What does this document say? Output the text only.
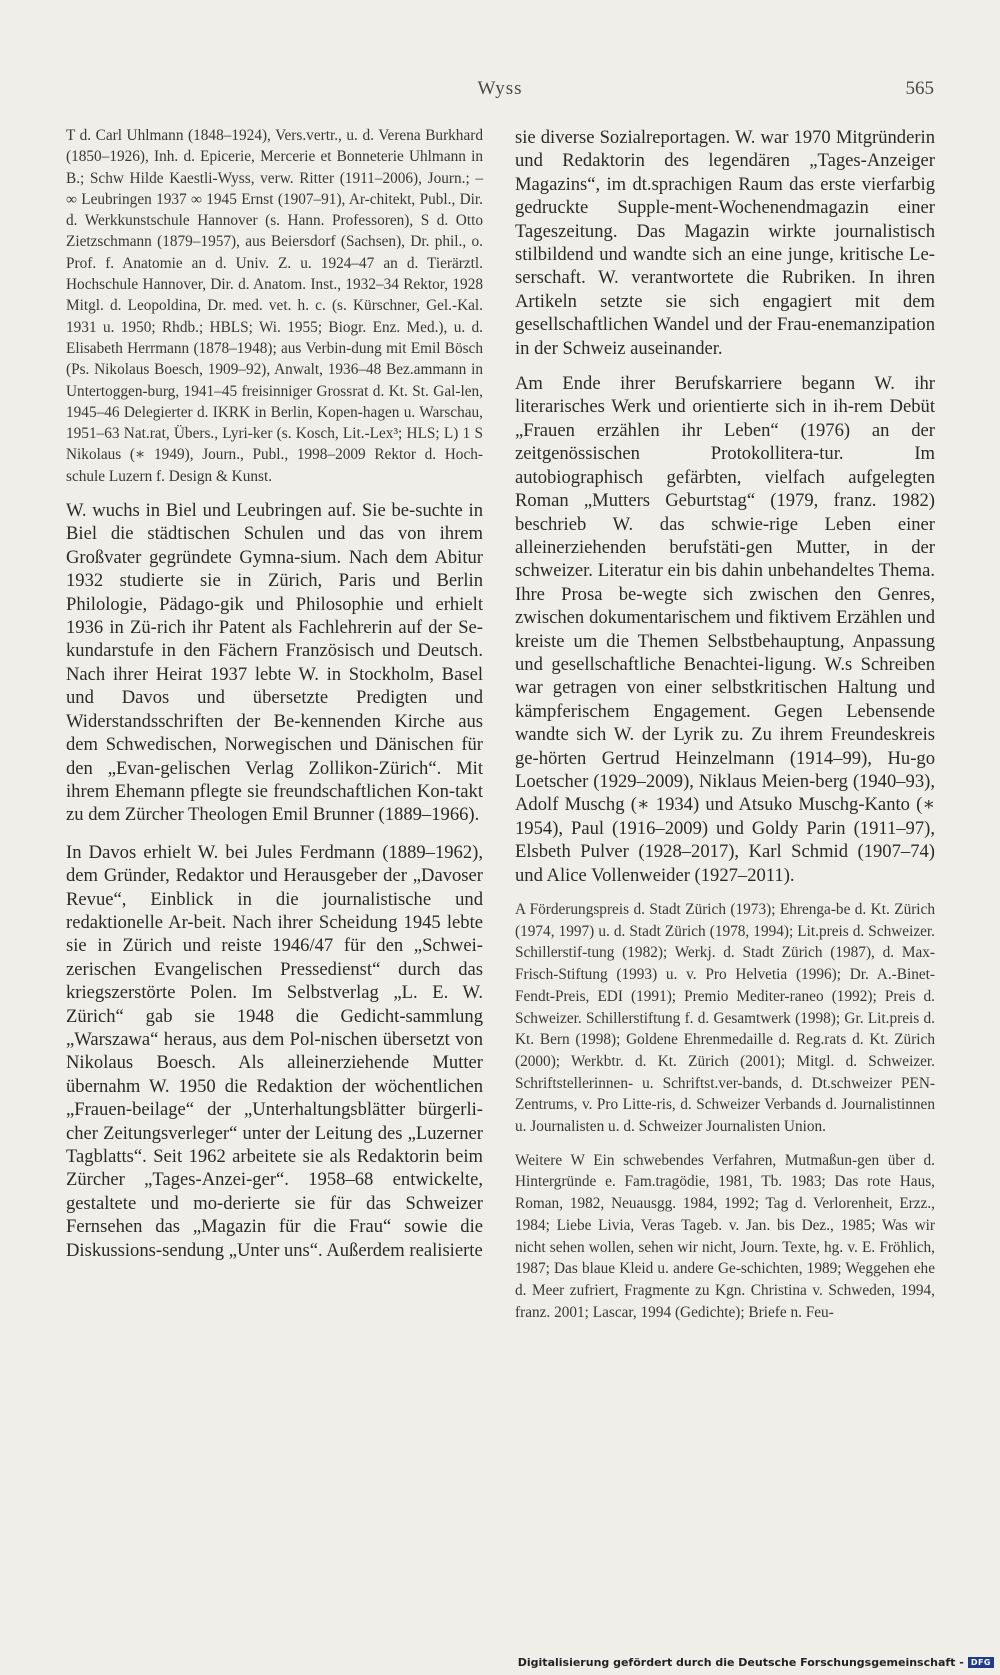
Wyss	565

T d. Carl Uhlmann (1848–1924), Vers.vertr., u. d. Verena Burkhard (1850–1926), Inh. d. Epicerie, Mercerie et Bonneterie Uhlmann in B.; Schw Hilde Kaestli-Wyss, verw. Ritter (1911–2006), Journ.; – ∞ Leubringen 1937 ∞ 1945 Ernst (1907–91), Ar-chitekt, Publ., Dir. d. Werkkunstschule Hannover (s. Hann. Professoren), S d. Otto Zietzschmann (1879–1957), aus Beiersdorf (Sachsen), Dr. phil., o. Prof. f. Anatomie an d. Univ. Z. u. 1924–47 an d. Tierärztl. Hochschule Hannover, Dir. d. Anatom. Inst., 1932–34 Rektor, 1928 Mitgl. d. Leopoldina, Dr. med. vet. h. c. (s. Kürschner, Gel.-Kal. 1931 u. 1950; Rhdb.; HBLS; Wi. 1955; Biogr. Enz. Med.), u. d. Elisabeth Herrmann (1878–1948); aus Verbin-dung mit Emil Bösch (Ps. Nikolaus Boesch, 1909–92), Anwalt, 1936–48 Bez.ammann in Untertoggen-burg, 1941–45 freisinniger Grossrat d. Kt. St. Gal-len, 1945–46 Delegierter d. IKRK in Berlin, Kopen-hagen u. Warschau, 1951–63 Nat.rat, Übers., Lyri-ker (s. Kosch, Lit.-Lex³; HLS; L) 1 S Nikolaus (∗ 1949), Journ., Publ., 1998–2009 Rektor d. Hoch-schule Luzern f. Design & Kunst.

W. wuchs in Biel und Leubringen auf. Sie be-suchte in Biel die städtischen Schulen und das von ihrem Großvater gegründete Gymna-sium. Nach dem Abitur 1932 studierte sie in Zürich, Paris und Berlin Philologie, Pädago-gik und Philosophie und erhielt 1936 in Zü-rich ihr Patent als Fachlehrerin auf der Se-kundarstufe in den Fächern Französisch und Deutsch. Nach ihrer Heirat 1937 lebte W. in Stockholm, Basel und Davos und übersetzte Predigten und Widerstandsschriften der Be-kennenden Kirche aus dem Schwedischen, Norwegischen und Dänischen für den „Evan-gelischen Verlag Zollikon-Zürich“. Mit ihrem Ehemann pflegte sie freundschaftlichen Kon-takt zu dem Zürcher Theologen Emil Brunner (1889–1966).

In Davos erhielt W. bei Jules Ferdmann (1889–1962), dem Gründer, Redaktor und Herausgeber der „Davoser Revue“, Einblick in die journalistische und redaktionelle Ar-beit. Nach ihrer Scheidung 1945 lebte sie in Zürich und reiste 1946/47 für den „Schwei-zerischen Evangelischen Pressedienst“ durch das kriegszerstörte Polen. Im Selbstverlag „L. E. W. Zürich“ gab sie 1948 die Gedicht-sammlung „Warszawa“ heraus, aus dem Pol-nischen übersetzt von Nikolaus Boesch. Als alleinerziehende Mutter übernahm W. 1950 die Redaktion der wöchentlichen „Frauen-beilage“ der „Unterhaltungsblätter bürgerli-cher Zeitungsverleger“ unter der Leitung des „Luzerner Tagblatts“. Seit 1962 arbeitete sie als Redaktorin beim Zürcher „Tages-Anzei-ger“. 1958–68 entwickelte, gestaltete und mo-derierte sie für das Schweizer Fernsehen das „Magazin für die Frau“ sowie die Diskussions-sendung „Unter uns“. Außerdem realisierte

sie diverse Sozialreportagen. W. war 1970 Mitgründerin und Redaktorin des legendären „Tages-Anzeiger Magazins“, im dt.sprachigen Raum das erste vierfarbig gedruckte Supple-ment-Wochenendmagazin einer Tageszeitung. Das Magazin wirkte journalistisch stilbildend und wandte sich an eine junge, kritische Le-serschaft. W. verantwortete die Rubriken. In ihren Artikeln setzte sie sich engagiert mit dem gesellschaftlichen Wandel und der Frau-enemanzipation in der Schweiz auseinander.

Am Ende ihrer Berufskarriere begann W. ihr literarisches Werk und orientierte sich in ih-rem Debüt „Frauen erzählen ihr Leben“ (1976) an der zeitgenössischen Protokollitera-tur. Im autobiographisch gefärbten, vielfach aufgelegten Roman „Mutters Geburtstag“ (1979, franz. 1982) beschrieb W. das schwie-rige Leben einer alleinerziehenden berufstäti-gen Mutter, in der schweizer. Literatur ein bis dahin unbehandeltes Thema. Ihre Prosa be-wegte sich zwischen den Genres, zwischen dokumentarischem und fiktivem Erzählen und kreiste um die Themen Selbstbehauptung, Anpassung und gesellschaftliche Benachtei-ligung. W.s Schreiben war getragen von einer selbstkritischen Haltung und kämpferischem Engagement. Gegen Lebensende wandte sich W. der Lyrik zu. Zu ihrem Freundeskreis ge-hörten Gertrud Heinzelmann (1914–99), Hu-go Loetscher (1929–2009), Niklaus Meien-berg (1940–93), Adolf Muschg (∗ 1934) und Atsuko Muschg-Kanto (∗ 1954), Paul (1916–2009) und Goldy Parin (1911–97), Elsbeth Pulver (1928–2017), Karl Schmid (1907–74) und Alice Vollenweider (1927–2011).

A Förderungspreis d. Stadt Zürich (1973); Ehrenga-be d. Kt. Zürich (1974, 1997) u. d. Stadt Zürich (1978, 1994); Lit.preis d. Schweizer. Schillerstif-tung (1982); Werkj. d. Stadt Zürich (1987), d. Max-Frisch-Stiftung (1993) u. v. Pro Helvetia (1996); Dr. A.-Binet-Fendt-Preis, EDI (1991); Premio Mediter-raneo (1992); Preis d. Schweizer. Schillerstiftung f. d. Gesamtwerk (1998); Gr. Lit.preis d. Kt. Bern (1998); Goldene Ehrenmedaille d. Reg.rats d. Kt. Zürich (2000); Werkbtr. d. Kt. Zürich (2001); Mitgl. d. Schweizer. Schriftstellerinnen- u. Schriftst.ver-bands, d. Dt.schweizer PEN-Zentrums, v. Pro Litte-ris, d. Schweizer Verbands d. Journalistinnen u. Journalisten u. d. Schweizer Journalisten Union.

Weitere W Ein schwebendes Verfahren, Mutmaßun-gen über d. Hintergründe e. Fam.tragödie, 1981, Tb. 1983; Das rote Haus, Roman, 1982, Neuausgg. 1984, 1992; Tag d. Verlorenheit, Erzz., 1984; Liebe Livia, Veras Tageb. v. Jan. bis Dez., 1985; Was wir nicht sehen wollen, sehen wir nicht, Journ. Texte, hg. v. E. Fröhlich, 1987; Das blaue Kleid u. andere Ge-schichten, 1989; Weggehen ehe d. Meer zufriert, Fragmente zu Kgn. Christina v. Schweden, 1994, franz. 2001; Lascar, 1994 (Gedichte); Briefe n. Feu-

Digitalisierung gefördert durch die Deutsche Forschungsgemeinschaft - DFG
